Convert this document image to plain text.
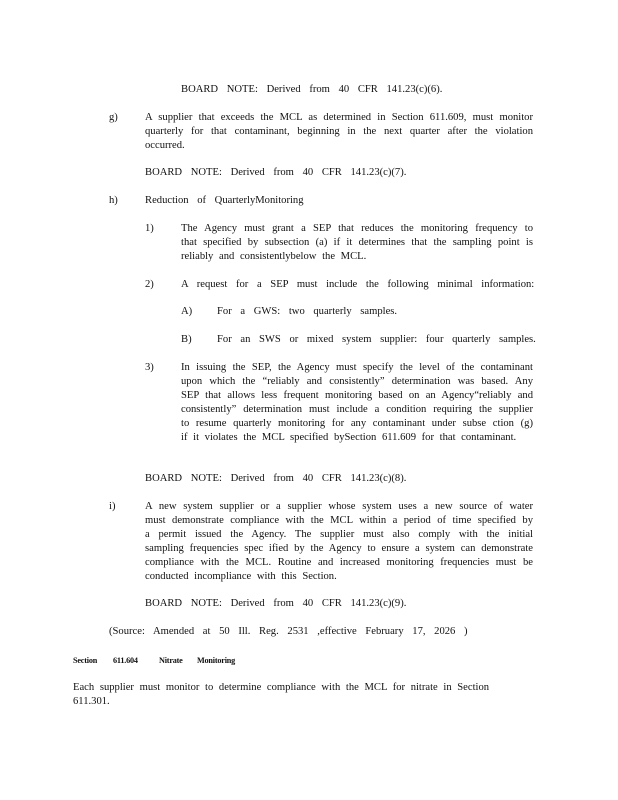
BOARD NOTE: Derived from 40 CFR 141.23(c)(6).
g)	A supplier that exceeds the MCL as determined in Section 611.609, must monitor quarterly for that contaminant, beginning in the next quarter after the violation occurred.
BOARD NOTE: Derived from 40 CFR 141.23(c)(7).
h)	Reduction of QuarterlyMonitoring
1)	The Agency must grant a SEP that reduces the monitoring frequency to that specified by subsection (a) if it determines that the sampling point is reliably and consistentlybelow the MCL.
2)	A request for a SEP must include the following minimal information:
A) For a GWS: two quarterly samples.
B) For an SWS or mixed system supplier: four quarterly samples.
3)	In issuing the SEP, the Agency must specify the level of the contaminant upon which the “reliably and consistently” determination was based. Any SEP that allows less frequent monitoring based on an Agency“reliably and consistently” determination must include a condition requiring the supplier to resume quarterly monitoring for any contaminant under subse ction (g) if it violates the MCL specified bySection 611.609 for that contaminant.
BOARD NOTE: Derived from 40 CFR 141.23(c)(8).
i)	A new system supplier or a supplier whose system uses a new source of water must demonstrate compliance with the MCL within a period of time specified by a permit issued the Agency. The supplier must also comply with the initial sampling frequencies spec ified by the Agency to ensure a system can demonstrate compliance with the MCL. Routine and increased monitoring frequencies must be conducted incompliance with this Section.
BOARD NOTE: Derived from 40 CFR 141.23(c)(9).
(Source: Amended at 50 Ill. Reg. 2531 ,effective February 17, 2026 )
Section 611.604	Nitrate Monitoring
Each supplier must monitor to determine compliance with the MCL for nitrate in Section 611.301.
